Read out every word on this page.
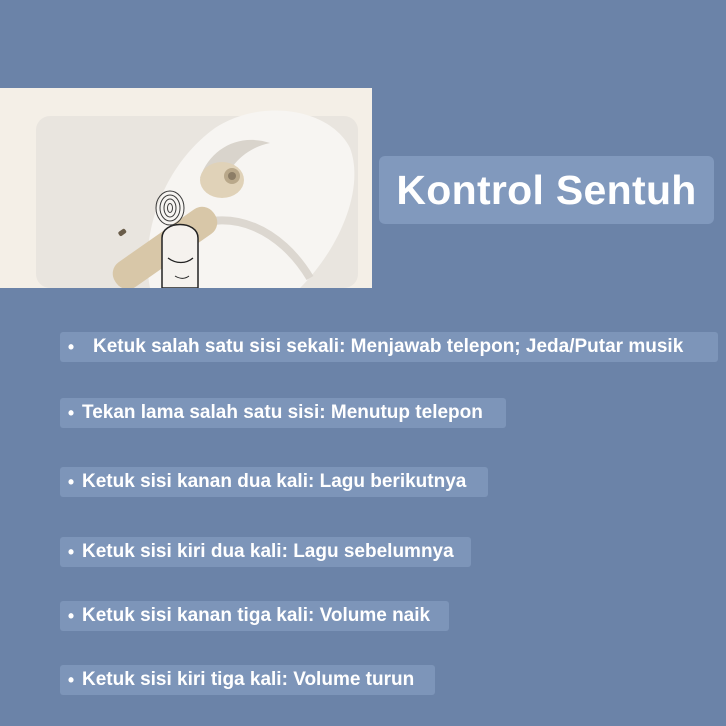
Kontrol Sentuh
• Ketuk salah satu sisi sekali: Menjawab telepon; Jeda/Putar musik
• Tekan lama salah satu sisi: Menutup telepon
• Ketuk sisi kanan dua kali: Lagu berikutnya
• Ketuk sisi kiri dua kali: Lagu sebelumnya
• Ketuk sisi kanan tiga kali: Volume naik
• Ketuk sisi kiri tiga kali: Volume turun
